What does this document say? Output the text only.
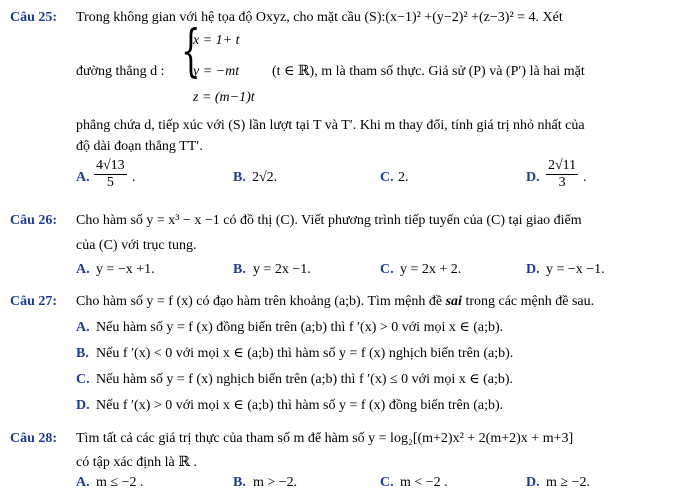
Câu 25: Trong không gian với hệ tọa độ Oxyz, cho mặt cầu (S):(x−1)² +(y−2)² +(z−3)² = 4. Xét
đường thẳng d : {
x = 1+ t
y = −mt
z = (m−1)t
(t ∈ ℝ), m là tham số thực. Giả sử (P) và (P′) là hai mặt
phẳng chứa d, tiếp xúc với (S) lần lượt tại T và T′. Khi m thay đổi, tính giá trị nhỏ nhất của
độ dài đoạn thẳng TT′.
A. $\frac{4√13}{5}$ .	B. 2√2.	C. 2.	D. $\frac{2√11}{3}$ .
Câu 26: Cho hàm số y = x³ − x −1 có đồ thị (C). Viết phương trình tiếp tuyến của (C) tại giao điểm
của (C) với trục tung.
A. y = −x +1.	B. y = 2x −1.	C. y = 2x + 2.	D. y = −x −1.
Câu 27: Cho hàm số y = f (x) có đạo hàm trên khoảng (a;b). Tìm mệnh đề sai trong các mệnh đề sau.
A. Nếu hàm số y = f (x) đồng biến trên (a;b) thì f ′(x) > 0 với mọi x ∈ (a;b).
B. Nếu f ′(x) < 0 với mọi x ∈ (a;b) thì hàm số y = f (x) nghịch biến trên (a;b).
C. Nếu hàm số y = f (x) nghịch biến trên (a;b) thì f ′(x) ≤ 0 với mọi x ∈ (a;b).
D. Nếu f ′(x) > 0 với mọi x ∈ (a;b) thì hàm số y = f (x) đồng biến trên (a;b).
Câu 28: Tìm tất cả các giá trị thực của tham số m để hàm số y = log₂[(m+2)x² + 2(m+2)x + m+3]
có tập xác định là ℝ .
A. m ≤ −2 .	B. m > −2.	C. m < −2 .	D. m ≥ −2.
